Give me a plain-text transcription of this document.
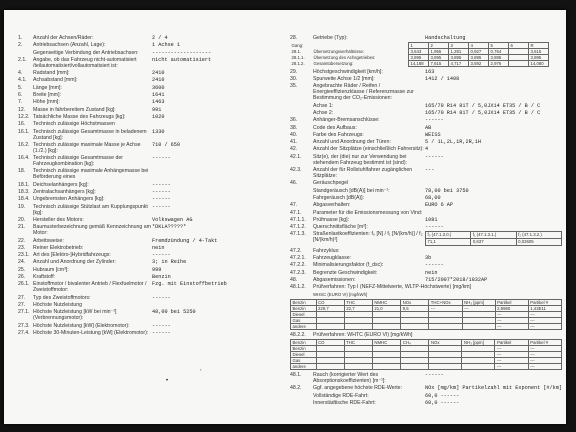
1.	Anzahl der Achsen/Räder:	2 / 4
2.	Antriebsachsen (Anzahl, Lage):	1 Achse 1
Gegenseitige Verbindung der Antriebsachsen:	-------------------
2.1.	Angabe, ob das Fahrzeug nicht-automatisiert /teilautomatisiert/vollautomatisiert ist:
nicht automatisiert
4.	Radstand [mm]:	2410
4.1.	Achsabstand [mm]:	2410
5.	Länge [mm]:	3600
6.	Breite [mm]:	1641
7.	Höhe [mm]:	1463
12.	Masse in fahrbereitem Zustand [kg]:	991
12.2. Tatsächliche Masse des Fahrzeugs [kg]:	1020
16.	Technisch zulässige Höchstmassen
16.1. Technisch zulässige Gesamtmasse in beladenem Zustand [kg]:
1330
16.2. Technisch zulässige maximale Masse je Achse (1./2.) [kg]:
710 / 650
16.4. Technisch zulässige Gesamtmasse der Fahrzeugkombination [kg]:
------
18.	Technisch zulässige maximale Anhängemasse bei Beförderung eines
18.1. Deichselanhängers [kg]:	------
18.3. Zentralachsanhängers [kg]:	------
18.4. Ungebremsten Anhängers [kg]:	------
19.	Technisch zulässige Stützlast am Kupplungspunkt [kg]:
------
20.	Hersteller des Motors:	Volkswagen AG
21.	Baumusterbezeichnung gemäß Kennzeichnung am Motor:
*DKLA?????*
22.	Arbeitsweise:	Fremdzündung / 4-Takt
23.	Reiner Elektrobetrieb:	nein
23.1. Art des [Elektro-]Hybridfahrzeugs:	------
24.	Anzahl und Anordnung der Zylinder:	3; in Reihe
25.	Hubraum [cm³]:	999
26.	Kraftstoff:	Benzin
26.1. Einstoffmotor / bivalenter Antrieb / Flexfuelmotor / Zweistoffmotor:
Fzg. mit Einstoffbetrieb
27.	Typ des Zweistoffmotors:	------
27.	Höchste Nutzleistung
27.1. Höchste Nutzleistung [kW bei min⁻¹] (Verbrennungsmotor):
48,00 bei 5250
27.3. Höchste Nutzleistung [kW] (Elektromotor):	------
27.4. Höchste 30-Minuten-Leistung [kW] (Elektromotor): ------
28.	Getriebe (Typ):	Handschaltung
Gang:		1	2	3	4	5	6	R
28.1.	Übersetzungsverhältnisse:	3,643	1,955	1,281	0,927	0,764		3,615
28.1.1.	Übersetzung des Achsgetriebes:	3,895	3,895	3,895	3,895	3,895		3,895
28.1.2.	Gesamtübersetzung:	14,188	7,615	4,717	3,592	2,976		14,080
29.	Höchstgeschwindigkeit [km/h]:	163
30.	Spurweite Achse 1/2 [mm]:	1412 / 1408
35.	Angebrachte Räder / Reifen / Energieeffizienzklasse / Referenzmasse zur Bestimmung der CO₂-Emissionen:
Achse 1:	165/70 R14 81T / 5,0JX14 ET35 / B / C
Achse 2:	165/70 R14 81T / 5,0JX14 ET35 / B / C
36.	Anhänger-Bremsanschlüsse:	------
38.	Code des Aufbaus:	AB
40.	Farbe des Fahrzeugs:	WEISS
41.	Anzahl und Anordnung der Türen:	5 / 1L,2L,1R,2R,1H
42.	Anzahl der Sitzplätze (einschließlich Fahrersitz): 4
42.1.	Sitz(e), der (die) nur zur Verwendung bei stehendem Fahrzeug bestimmt ist (sind):
------
42.3.	Anzahl der für Rollstuhlfahrer zugänglichen Sitzplätze:
---
46.	Geräuschpegel
Standgeräusch [dB(A)] bei min⁻¹:	78,00 bei 3750
Fahrgeräusch [dB(A)]:	68,00
47.	Abgasverhalten:	EURO 6 AP
47.1.	Parameter für die Emissionsmessung von Vind:
47.1.1.	Prüfmasse [kg]:	1081
47.1.2.	Querschnittsfläche [m²]:	------
47.1.3.	Straßenlastkoeffizienten: f₀ [N] / f₁ [N/(km/h)] / f₂ [N/(km/h)²]
f₀ (47.1.3.0.)	f₁ (47.1.3.1.)	f₂ (47.1.3.2.)
71,1	0,637	0,02605
47.2.	Fahrzyklus:
47.2.1.	Fahrzeugklasse:	3b
47.2.2.	Minimalisierungsfaktor (f_dsc):	------
47.2.3.	Begrenzte Geschwindigkeit:	nein
48.	Abgasemissionen:	715/2007*2018/1832AP
48.1.2.	Prüfverfahren: Typ I (NEFZ-Mittelwerte, WLTP-Höchstwerte) [mg/km]
WHSC (EURO VI) [mg/kWh]
Benzin	CO	THC	NMHC	NOx	THC+NOx	NH₃ [ppm]	Partikel	Partikel #
Benzin	229,7	22,7	21,0	9,5	---	---	2,9960	1,43E11
Diesel							---	---
Gas							---	---
andere							---	---
48.2.2.	Prüfverfahren: WHTC (EURO VI) [mg/kWh]
Benzin	CO	THC	NMHC	CH₄	NOx	NH₃ [ppm]	Partikel	Partikel #
Benzin							---	---
Diesel							---	---
Gas							---	---
andere							---	---
48.1.	Rauch (korrigierter Wert des Absorptionskoeffizienten) [m⁻¹]:
------
48.2.	Ggf. angegebene höchste RDE-Werte:	NOx [mg/km] Partikelzahl mit Exponent [#/km]
Vollständige RDE-Fahrt:	60,0 ------
Innerstädtische RDE-Fahrt:	60,0 ------
•
,
